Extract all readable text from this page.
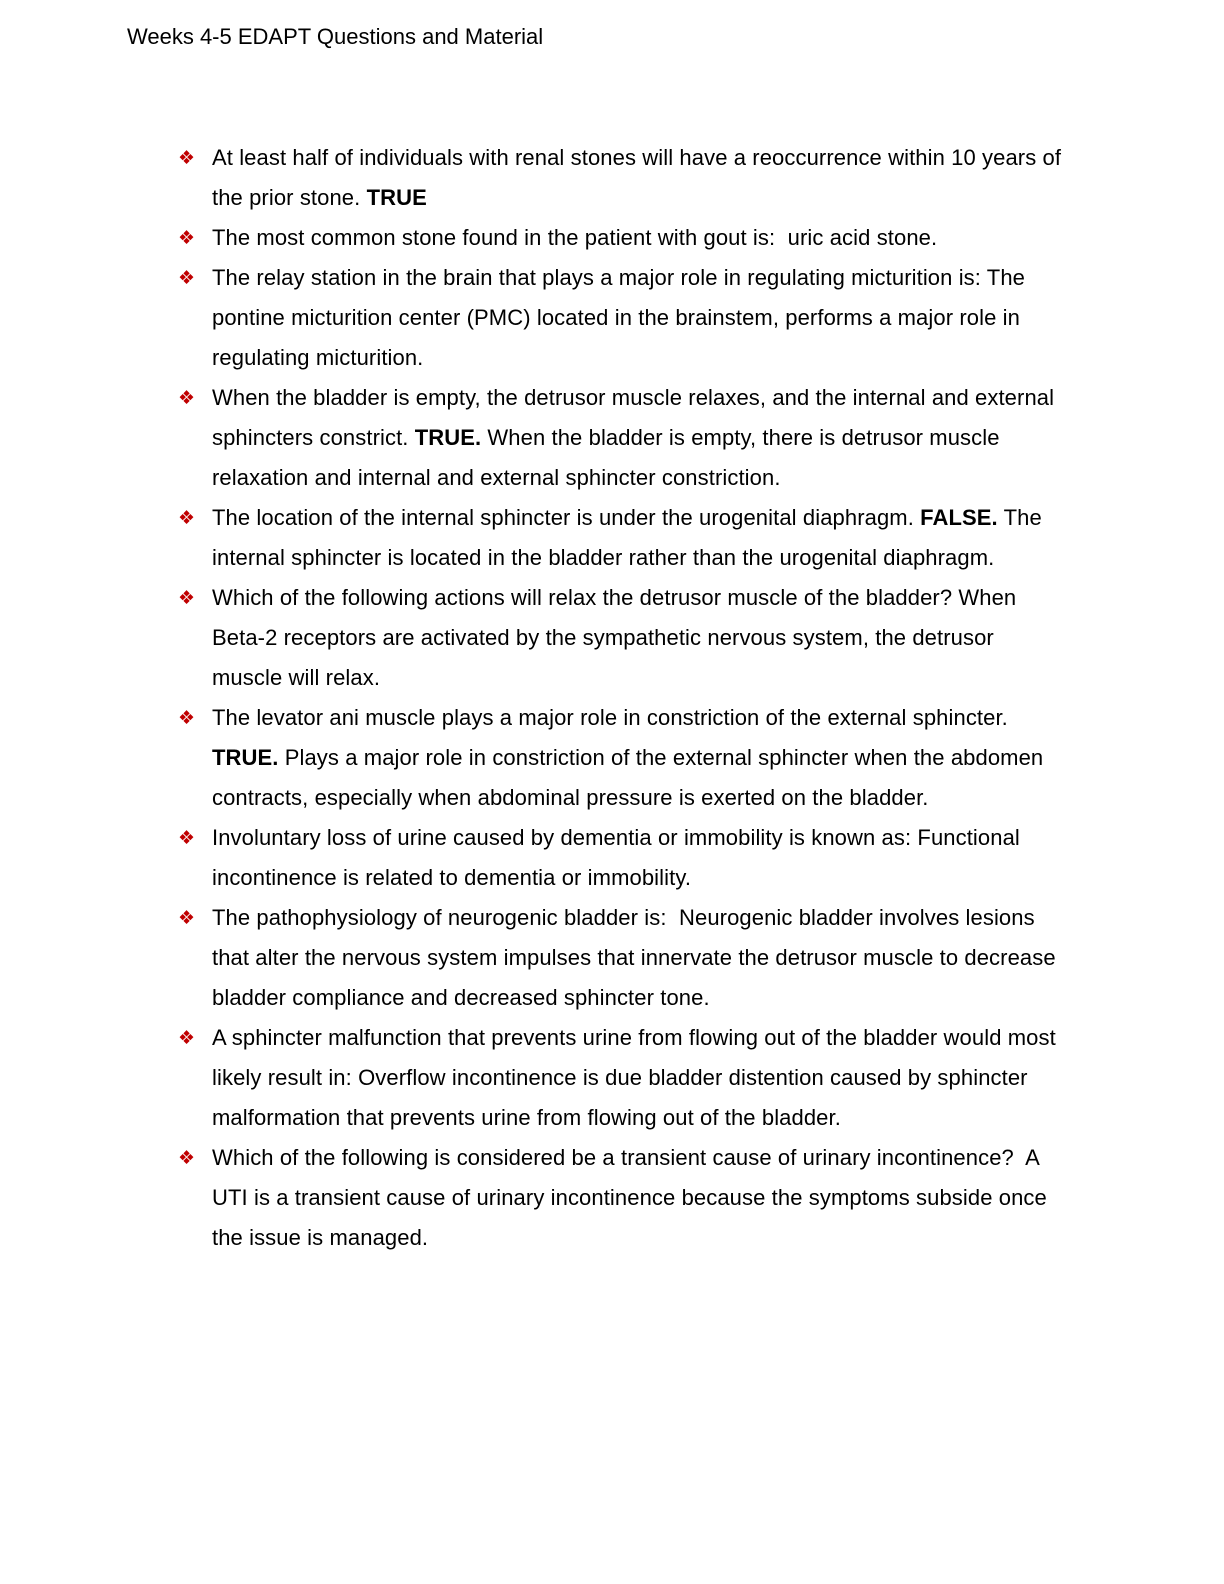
Weeks 4-5 EDAPT Questions and Material
❖ At least half of individuals with renal stones will have a reoccurrence within 10 years of the prior stone. TRUE
❖ The most common stone found in the patient with gout is:  uric acid stone.
❖ The relay station in the brain that plays a major role in regulating micturition is: The pontine micturition center (PMC) located in the brainstem, performs a major role in regulating micturition.
❖ When the bladder is empty, the detrusor muscle relaxes, and the internal and external sphincters constrict. TRUE. When the bladder is empty, there is detrusor muscle relaxation and internal and external sphincter constriction.
❖ The location of the internal sphincter is under the urogenital diaphragm. FALSE. The internal sphincter is located in the bladder rather than the urogenital diaphragm.
❖ Which of the following actions will relax the detrusor muscle of the bladder? When Beta-2 receptors are activated by the sympathetic nervous system, the detrusor muscle will relax.
❖ The levator ani muscle plays a major role in constriction of the external sphincter. TRUE. Plays a major role in constriction of the external sphincter when the abdomen contracts, especially when abdominal pressure is exerted on the bladder.
❖ Involuntary loss of urine caused by dementia or immobility is known as: Functional incontinence is related to dementia or immobility.
❖ The pathophysiology of neurogenic bladder is:  Neurogenic bladder involves lesions that alter the nervous system impulses that innervate the detrusor muscle to decrease bladder compliance and decreased sphincter tone.
❖ A sphincter malfunction that prevents urine from flowing out of the bladder would most likely result in: Overflow incontinence is due bladder distention caused by sphincter malformation that prevents urine from flowing out of the bladder.
❖ Which of the following is considered be a transient cause of urinary incontinence?  A UTI is a transient cause of urinary incontinence because the symptoms subside once the issue is managed.
